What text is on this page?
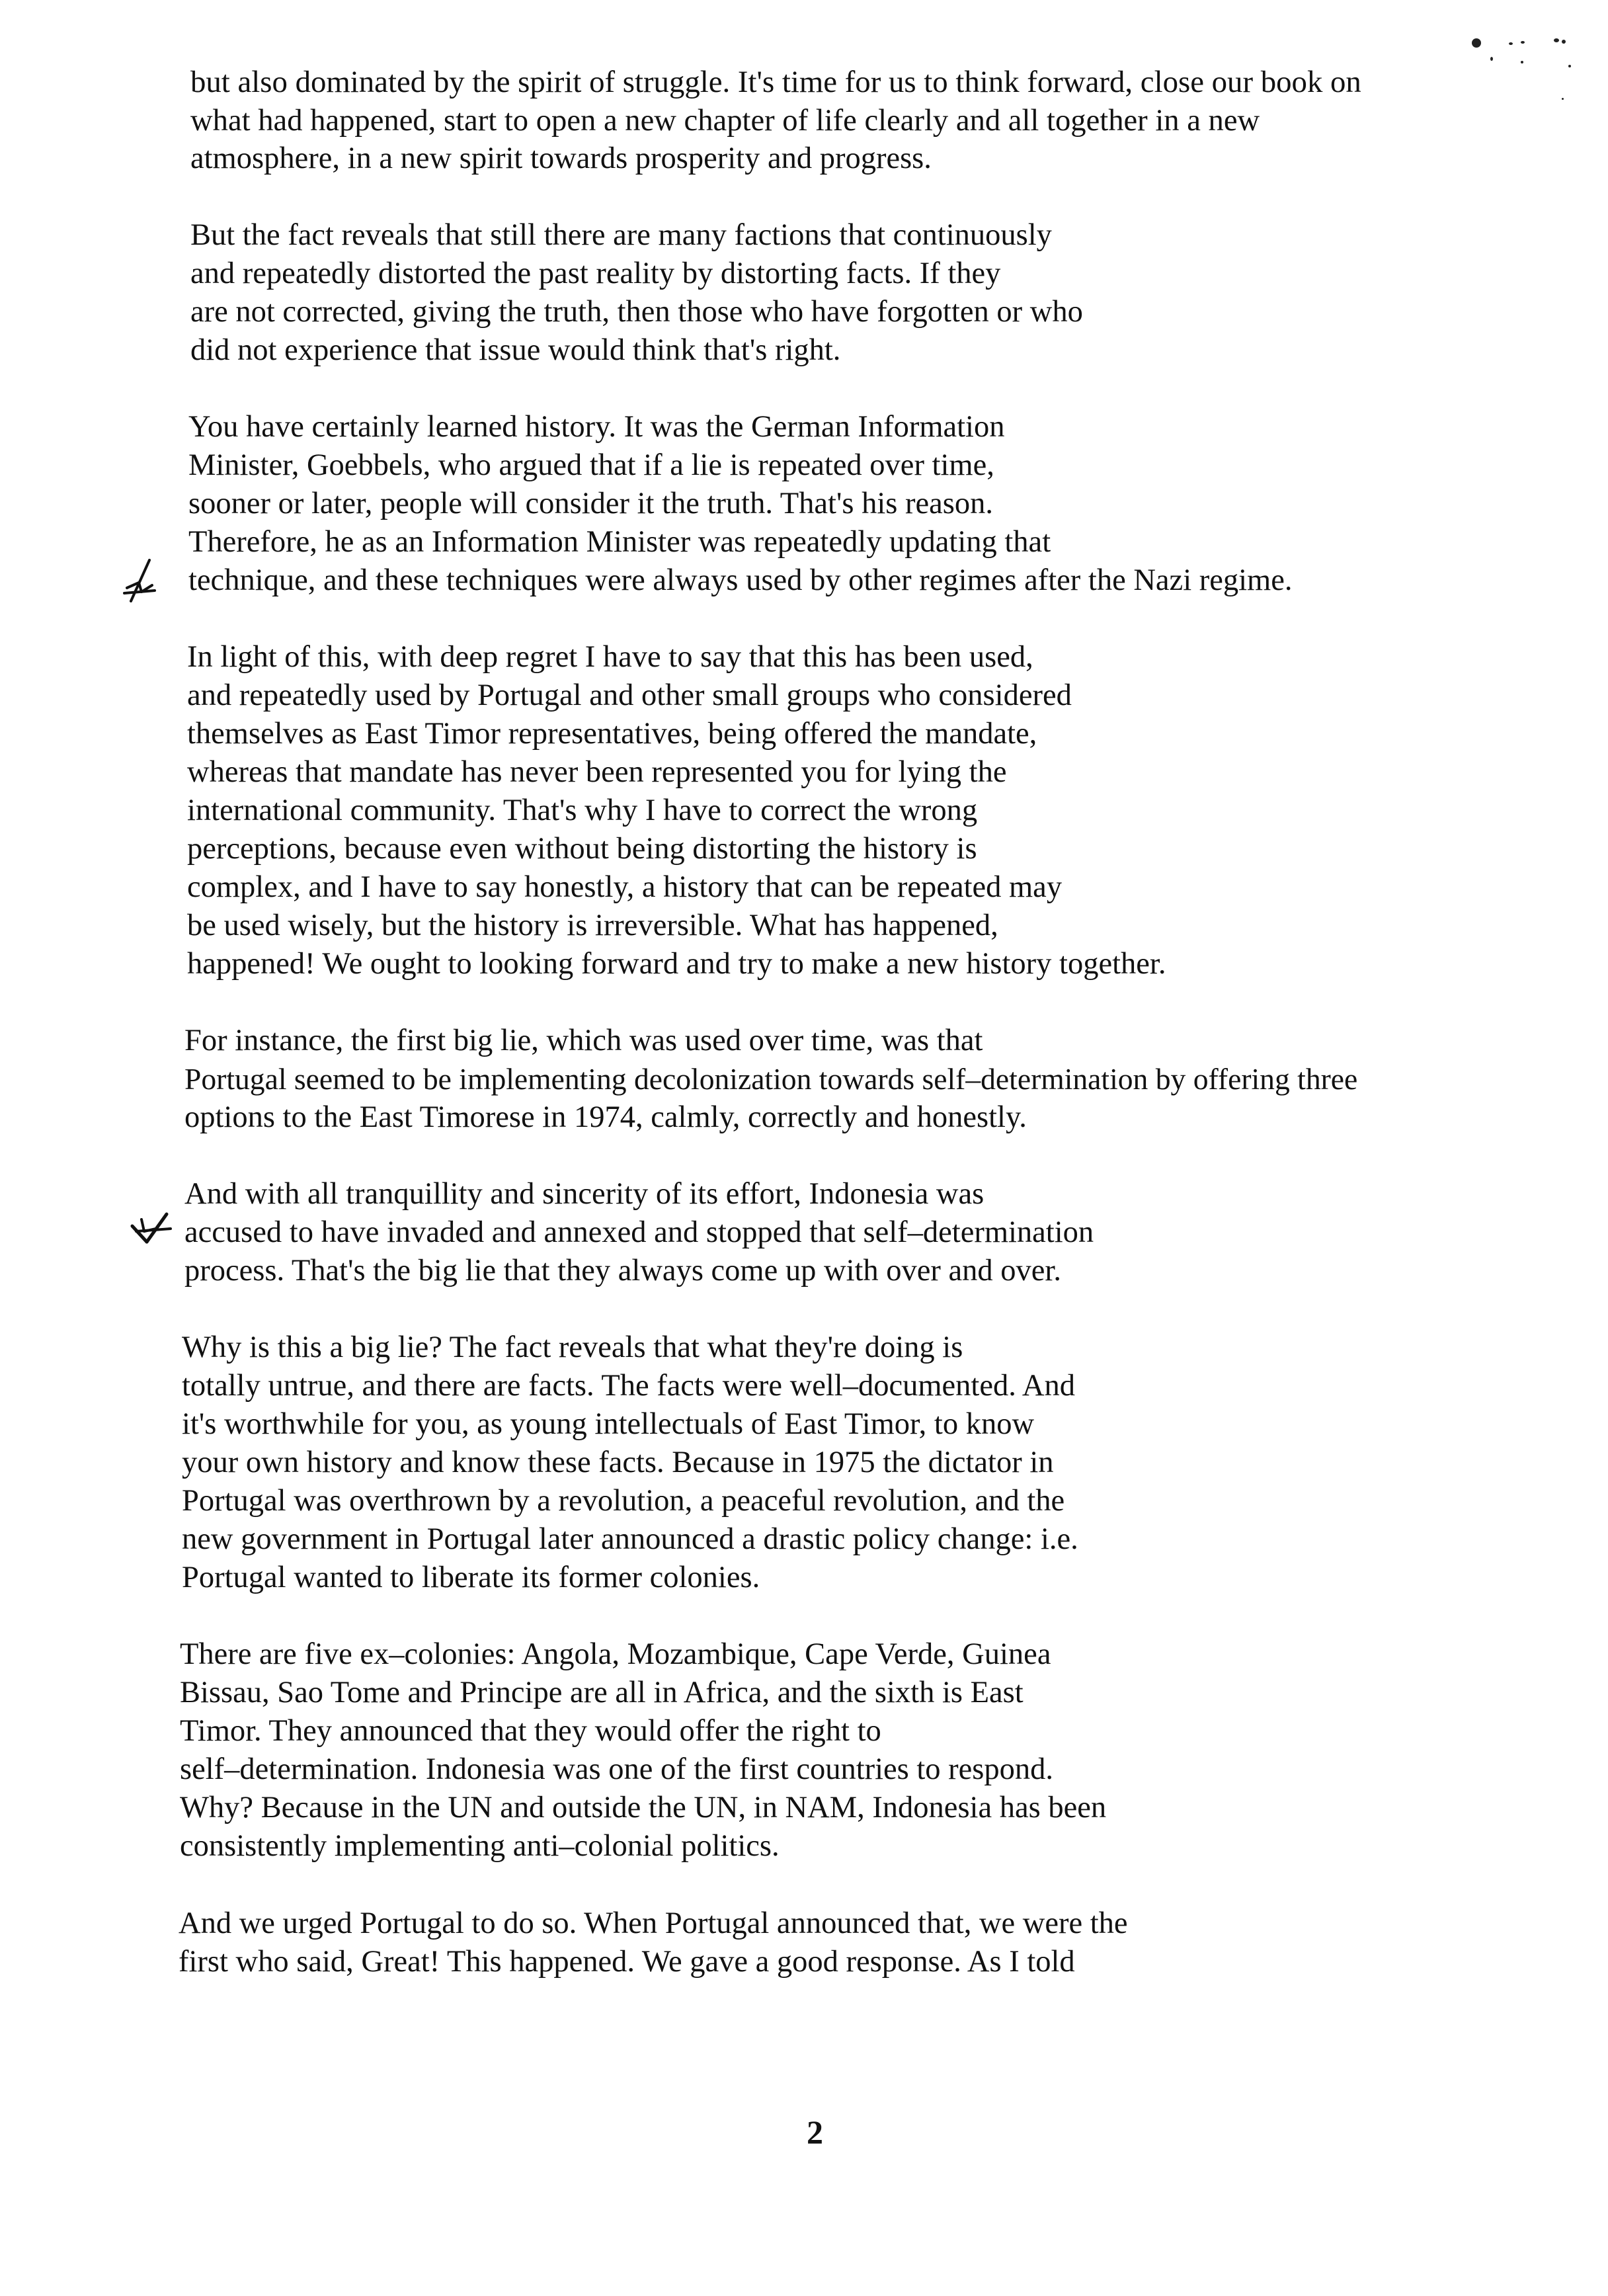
but also dominated by the spirit of struggle. It's time for us to think forward, close our book on
what had happened, start to open a new chapter of life clearly and all together in a new
atmosphere, in a new spirit towards prosperity and progress.
But the fact reveals that still there are many factions that continuously
and repeatedly distorted the past reality by distorting facts. If they
are not corrected, giving the truth, then those who have forgotten or who
did not experience that issue would think that's right.
You have certainly learned history. It was the German Information
Minister, Goebbels, who argued that if a lie is repeated over time,
sooner or later, people will consider it the truth. That's his reason.
Therefore, he as an Information Minister was repeatedly updating that
technique, and these techniques were always used by other regimes after the Nazi regime.
In light of this, with deep regret I have to say that this has been used,
and repeatedly used by Portugal and other small groups who considered
themselves as East Timor representatives, being offered the mandate,
whereas that mandate has never been represented you for lying the
international community. That's why I have to correct the wrong
perceptions, because even without being distorting the history is
complex, and I have to say honestly, a history that can be repeated may
be used wisely, but the history is irreversible. What has happened,
happened! We ought to looking forward and try to make a new history together.
For instance, the first big lie, which was used over time, was that
Portugal seemed to be implementing decolonization towards self–determination by offering three
options to the East Timorese in 1974, calmly, correctly and honestly.
And with all tranquillity and sincerity of its effort, Indonesia was
accused to have invaded and annexed and stopped that self–determination
process. That's the big lie that they always come up with over and over.
Why is this a big lie? The fact reveals that what they're doing is
totally untrue, and there are facts. The facts were well–documented. And
it's worthwhile for you, as young intellectuals of East Timor, to know
your own history and know these facts. Because in 1975 the dictator in
Portugal was overthrown by a revolution, a peaceful revolution, and the
new government in Portugal later announced a drastic policy change: i.e.
Portugal wanted to liberate its former colonies.
There are five ex–colonies: Angola, Mozambique, Cape Verde, Guinea
Bissau, Sao Tome and Principe are all in Africa, and the sixth is East
Timor. They announced that they would offer the right to
self–determination. Indonesia was one of the first countries to respond.
Why? Because in the UN and outside the UN, in NAM, Indonesia has been
consistently implementing anti–colonial politics.
And we urged Portugal to do so. When Portugal announced that, we were the
first who said, Great! This happened. We gave a good response. As I told
2
